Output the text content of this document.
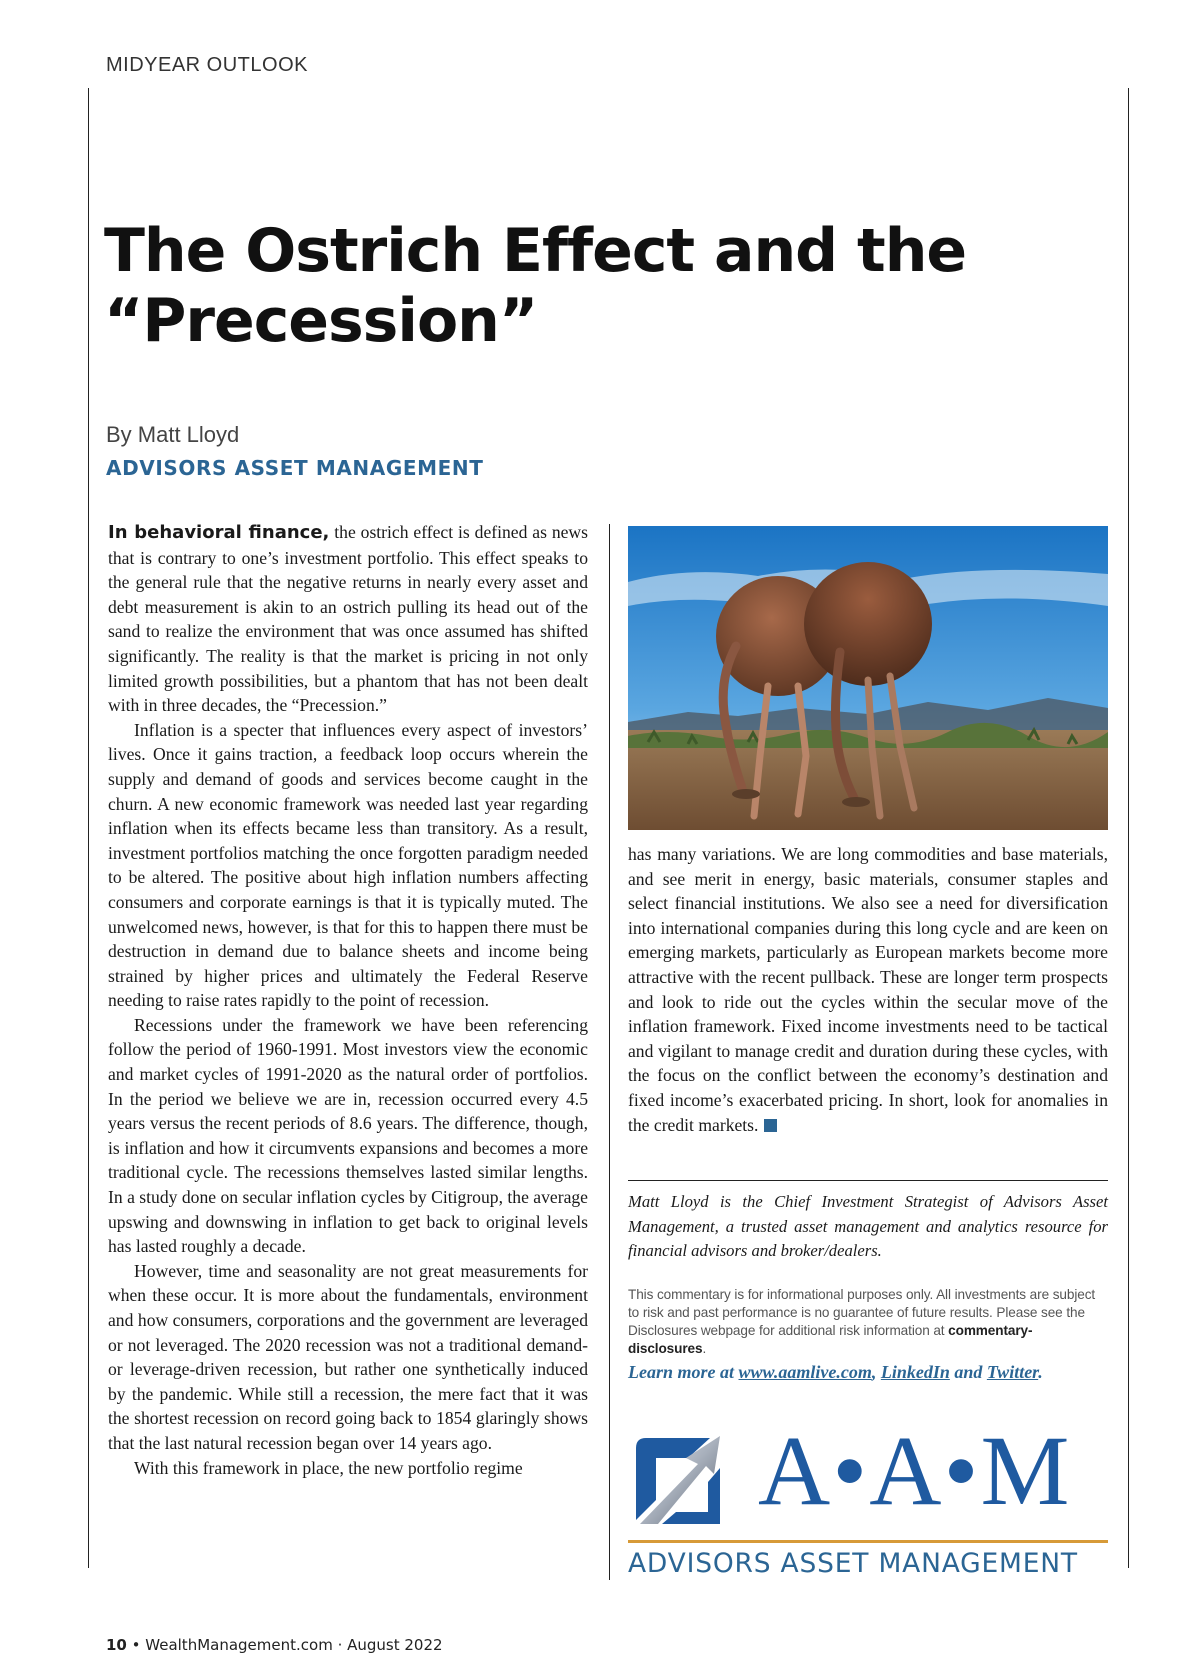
MIDYEAR OUTLOOK
The Ostrich Effect and the “Precession”
By Matt Lloyd
ADVISORS ASSET MANAGEMENT

In behavioral finance, the ostrich effect is defined as news that is contrary to one’s investment portfolio. This effect speaks to the general rule that the negative returns in nearly every asset and debt measurement is akin to an ostrich pulling its head out of the sand to realize the environment that was once assumed has shifted significantly. The reality is that the market is pricing in not only limited growth possibilities, but a phantom that has not been dealt with in three decades, the “Precession.”

Inflation is a specter that influences every aspect of investors’ lives. Once it gains traction, a feedback loop occurs wherein the supply and demand of goods and services become caught in the churn. A new economic framework was needed last year regarding inflation when its effects became less than transitory. As a result, investment portfolios matching the once forgotten paradigm needed to be altered. The positive about high inflation numbers affecting consumers and corporate earnings is that it is typically muted. The unwelcomed news, however, is that for this to happen there must be destruction in demand due to balance sheets and income being strained by higher prices and ultimately the Federal Reserve needing to raise rates rapidly to the point of recession.

Recessions under the framework we have been referencing follow the period of 1960-1991. Most investors view the economic and market cycles of 1991-2020 as the natural order of portfolios. In the period we believe we are in, recession occurred every 4.5 years versus the recent periods of 8.6 years. The difference, though, is inflation and how it circumvents expansions and becomes a more traditional cycle. The recessions themselves lasted similar lengths. In a study done on secular inflation cycles by Citigroup, the average upswing and downswing in inflation to get back to original levels has lasted roughly a decade.

However, time and seasonality are not great measurements for when these occur. It is more about the fundamentals, environment and how consumers, corporations and the government are leveraged or not leveraged. The 2020 recession was not a traditional demand- or leverage-driven recession, but rather one synthetically induced by the pandemic. While still a recession, the mere fact that it was the shortest recession on record going back to 1854 glaringly shows that the last natural recession began over 14 years ago.

With this framework in place, the new portfolio regime

has many variations. We are long commodities and base materials, and see merit in energy, basic materials, consumer staples and select financial institutions. We also see a need for diversification into international companies during this long cycle and are keen on emerging markets, particularly as European markets become more attractive with the recent pullback. These are longer term prospects and look to ride out the cycles within the secular move of the inflation framework. Fixed income investments need to be tactical and vigilant to manage credit and duration during these cycles, with the focus on the conflict between the economy’s destination and fixed income’s exacerbated pricing. In short, look for anomalies in the credit markets.

Matt Lloyd is the Chief Investment Strategist of Advisors Asset Management, a trusted asset management and analytics resource for financial advisors and broker/dealers.

This commentary is for informational purposes only. All investments are subject to risk and past performance is no guarantee of future results. Please see the Disclosures webpage for additional risk information at commentary-disclosures.

Learn more at www.aamlive.com, LinkedIn and Twitter.

A•A•M
ADVISORS ASSET MANAGEMENT
10 • WealthManagement.com · August 2022
